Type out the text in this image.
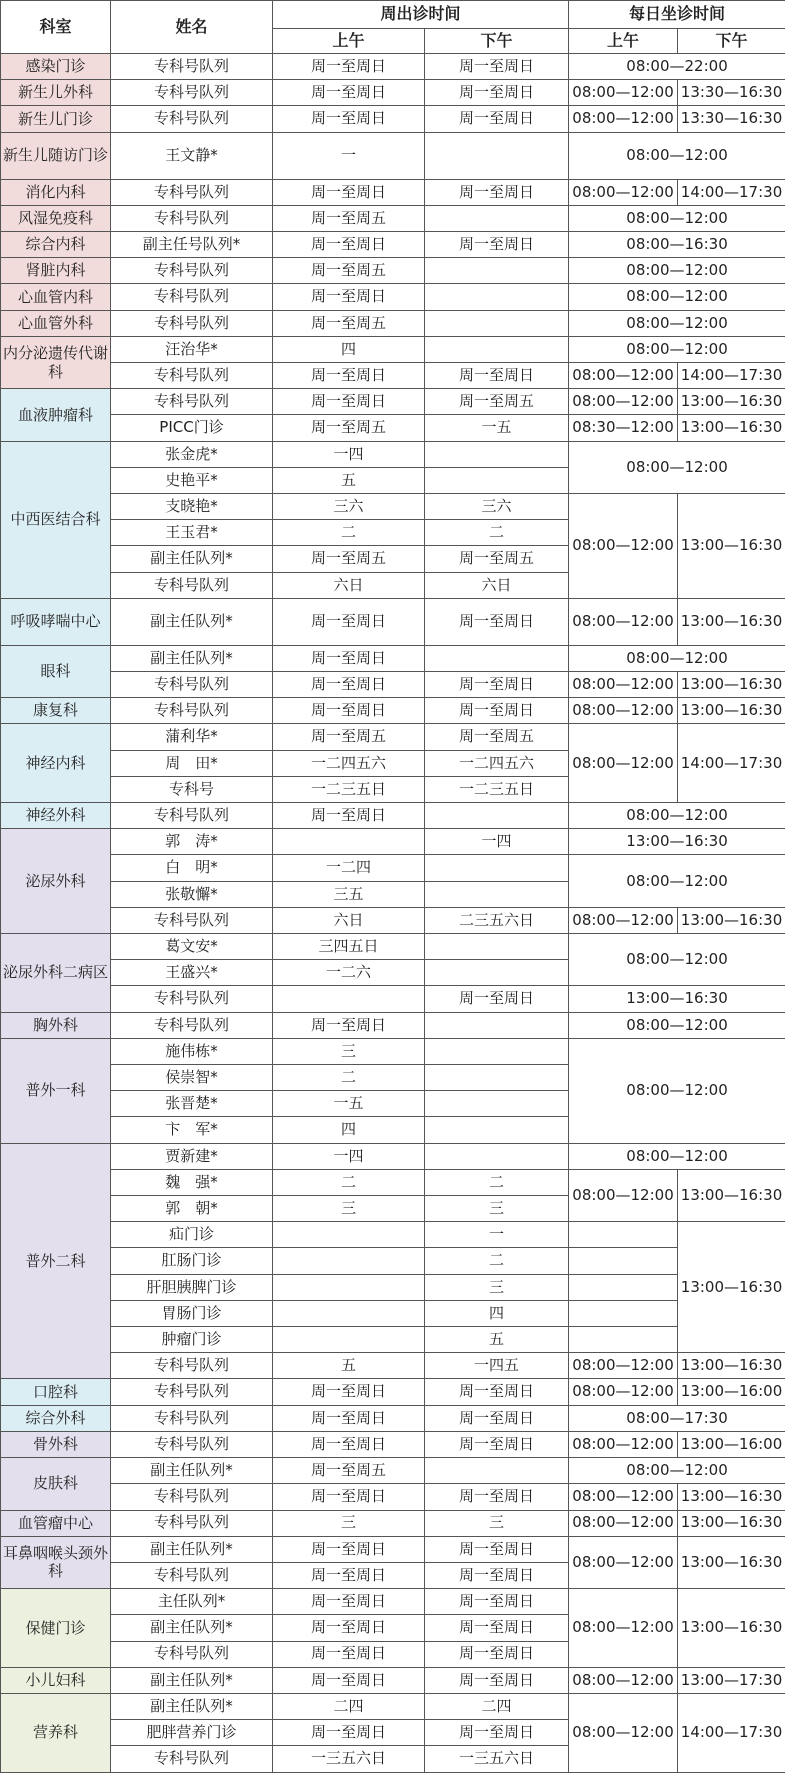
科室	姓名	周出诊时间		每日坐诊时间	
		上午	下午	上午	下午
感染门诊	专科号队列	周一至周日	周一至周日	08:00—22:00	
新生儿外科	专科号队列	周一至周日	周一至周日	08:00—12:00	13:30—16:30
新生儿门诊	专科号队列	周一至周日	周一至周日	08:00—12:00	13:30—16:30
新生儿随访门诊	王文静*	一		08:00—12:00	
消化内科	专科号队列	周一至周日	周一至周日	08:00—12:00	14:00—17:30
风湿免疫科	专科号队列	周一至周五		08:00—12:00	
综合内科	副主任号队列*	周一至周日	周一至周日	08:00—16:30	
肾脏内科	专科号队列	周一至周五		08:00—12:00	
心血管内科	专科号队列	周一至周日		08:00—12:00	
心血管外科	专科号队列	周一至周五		08:00—12:00	
内分泌遗传代谢科	汪治华*	四		08:00—12:00	
	专科号队列	周一至周日	周一至周日	08:00—12:00	14:00—17:30
血液肿瘤科	专科号队列	周一至周日	周一至周五	08:00—12:00	13:00—16:30
	PICC门诊	周一至周五	一五	08:30—12:00	13:00—16:30
中西医结合科	张金虎*	一四		08:00—12:00	
	史艳平*	五			
	支晓艳*	三六	三六	08:00—12:00	13:00—16:30
	王玉君*	二	二		
	副主任队列*	周一至周五	周一至周五		
	专科号队列	六日	六日		
呼吸哮喘中心	副主任队列*	周一至周日	周一至周日	08:00—12:00	13:00—16:30
眼科	副主任队列*	周一至周日		08:00—12:00	
	专科号队列	周一至周日	周一至周日	08:00—12:00	13:00—16:30
康复科	专科号队列	周一至周日	周一至周日	08:00—12:00	13:00—16:30
神经内科	蒲利华*	周一至周五	周一至周五	08:00—12:00	14:00—17:30
	周　田*	一二四五六	一二四五六		
	专科号	一二三五日	一二三五日		
神经外科	专科号队列	周一至周日		08:00—12:00	
泌尿外科	郭　涛*		一四	13:00—16:30	
	白　明*	一二四		08:00—12:00	
	张敬懈*	三五			
	专科号队列	六日	二三五六日	08:00—12:00	13:00—16:30
泌尿外科二病区	葛文安*	三四五日		08:00—12:00	
	王盛兴*	一二六			
	专科号队列		周一至周日	13:00—16:30	
胸外科	专科号队列	周一至周日		08:00—12:00	
普外一科	施伟栋*	三		08:00—12:00	
	侯崇智*	二			
	张晋楚*	一五			
	卞　军*	四			
普外二科	贾新建*	一四		08:00—12:00	
	魏　强*	二	二	08:00—12:00	13:00—16:30
	郭　朝*	三	三		
	疝门诊		一		13:00—16:30
	肛肠门诊		二		
	肝胆胰脾门诊		三		
	胃肠门诊		四		
	肿瘤门诊		五		
	专科号队列	五	一四五	08:00—12:00	13:00—16:30
口腔科	专科号队列	周一至周日	周一至周日	08:00—12:00	13:00—16:00
综合外科	专科号队列	周一至周日	周一至周日	08:00—17:30	
骨外科	专科号队列	周一至周日	周一至周日	08:00—12:00	13:00—16:00
皮肤科	副主任队列*	周一至周五		08:00—12:00	
	专科号队列	周一至周日	周一至周日	08:00—12:00	13:00—16:30
血管瘤中心	专科号队列	三	三	08:00—12:00	13:00—16:30
耳鼻咽喉头颈外科	副主任队列*	周一至周日	周一至周日	08:00—12:00	13:00—16:30
	专科号队列	周一至周日	周一至周日		
保健门诊	主任队列*	周一至周日	周一至周日	08:00—12:00	13:00—16:30
	副主任队列*	周一至周日	周一至周日		
	专科号队列	周一至周日	周一至周日		
小儿妇科	副主任队列*	周一至周日	周一至周日	08:00—12:00	13:00—17:30
营养科	副主任队列*	二四	二四	08:00—12:00	14:00—17:30
	肥胖营养门诊	周一至周日	周一至周日		
	专科号队列	一三五六日	一三五六日		
